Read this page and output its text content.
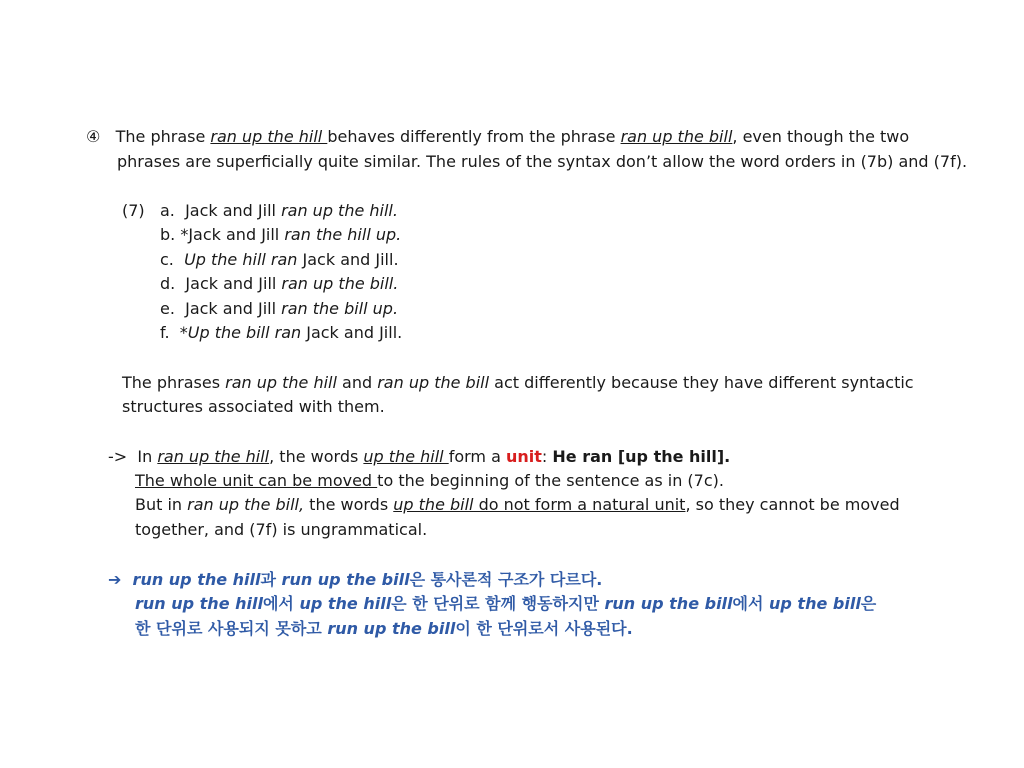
④ The phrase ran up the hill behaves differently from the phrase ran up the bill, even though the two
phrases are superficially quite similar. The rules of the syntax don’t allow the word orders in (7b) and (7f).
(7) a. Jack and Jill ran up the hill.
b. *Jack and Jill ran the hill up.
c. Up the hill ran Jack and Jill.
d. Jack and Jill ran up the bill.
e. Jack and Jill ran the bill up.
f. *Up the bill ran Jack and Jill.
The phrases ran up the hill and ran up the bill act differently because they have different syntactic
structures associated with them.
-> In ran up the hill, the words up the hill form a unit: He ran [up the hill].
The whole unit can be moved to the beginning of the sentence as in (7c).
But in ran up the bill, the words up the bill do not form a natural unit, so they cannot be moved
together, and (7f) is ungrammatical.
➔ run up the hill과 run up the bill은 통사론적 구조가 다르다.
run up the hill에서 up the hill은 한 단위로 함께 행동하지만 run up the bill에서 up the bill은
한 단위로 사용되지 못하고 run up the bill이 한 단위로서 사용된다.
